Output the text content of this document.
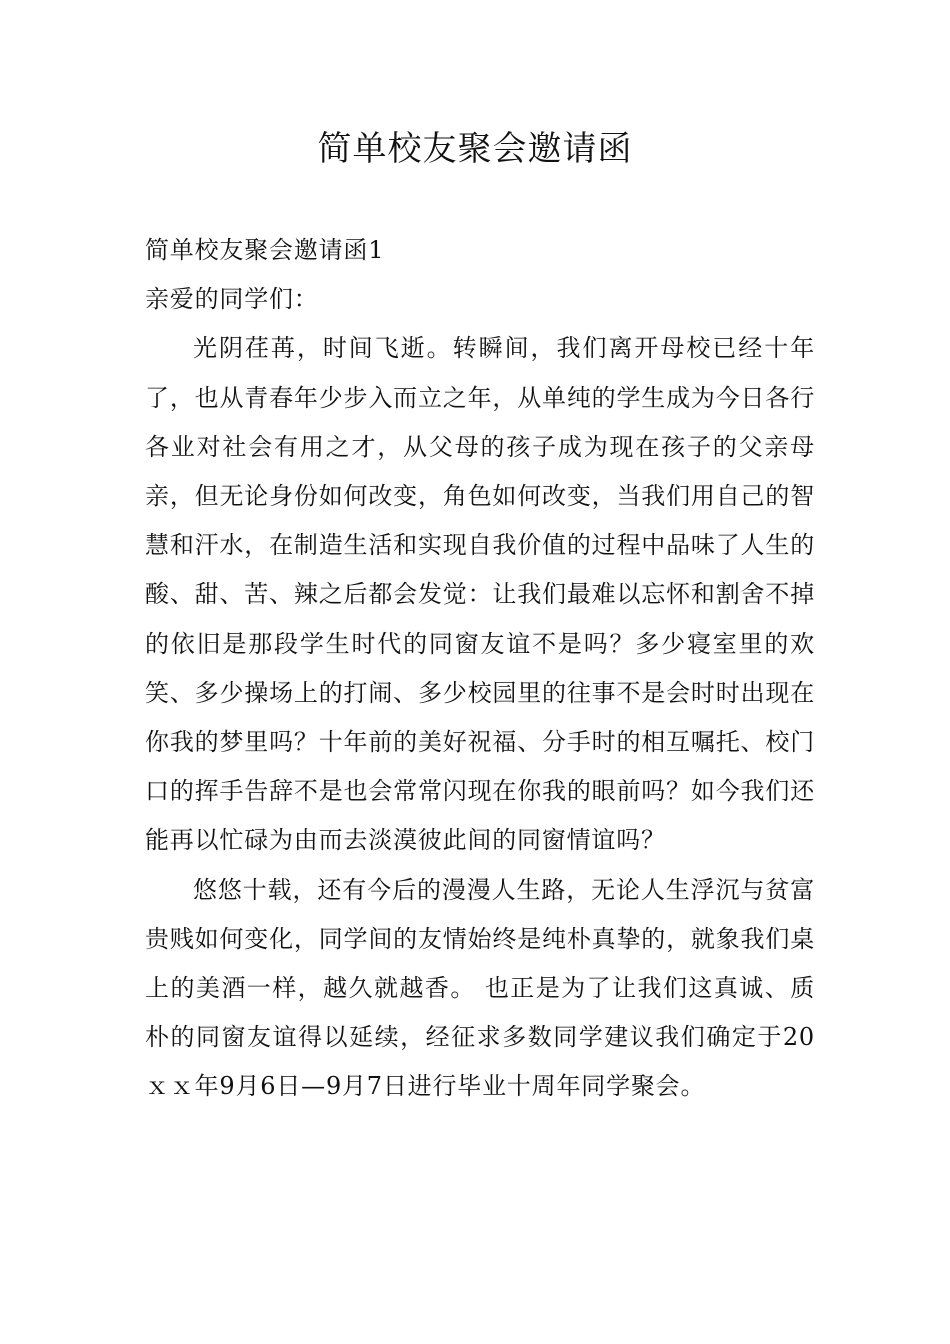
简单校友聚会邀请函

简单校友聚会邀请函1

亲爱的同学们：

光阴荏苒，时间飞逝。转瞬间，我们离开母校已经十年了，也从青春年少步入而立之年，从单纯的学生成为今日各行各业对社会有用之才，从父母的孩子成为现在孩子的父亲母亲，但无论身份如何改变，角色如何改变，当我们用自己的智慧和汗水，在制造生活和实现自我价值的过程中品味了人生的酸、甜、苦、辣之后都会发觉：让我们最难以忘怀和割舍不掉的依旧是那段学生时代的同窗友谊不是吗？多少寝室里的欢笑、多少操场上的打闹、多少校园里的往事不是会时时出现在你我的梦里吗？十年前的美好祝福、分手时的相互嘱托、校门口的挥手告辞不是也会常常闪现在你我的眼前吗？如今我们还能再以忙碌为由而去淡漠彼此间的同窗情谊吗？

悠悠十载，还有今后的漫漫人生路，无论人生浮沉与贫富贵贱如何变化，同学间的友情始终是纯朴真挚的，就象我们桌上的美酒一样，越久就越香。 也正是为了让我们这真诚、质朴的同窗友谊得以延续，经征求多数同学建议我们确定于20ｘｘ年9月6日—9月7日进行毕业十周年同学聚会。
